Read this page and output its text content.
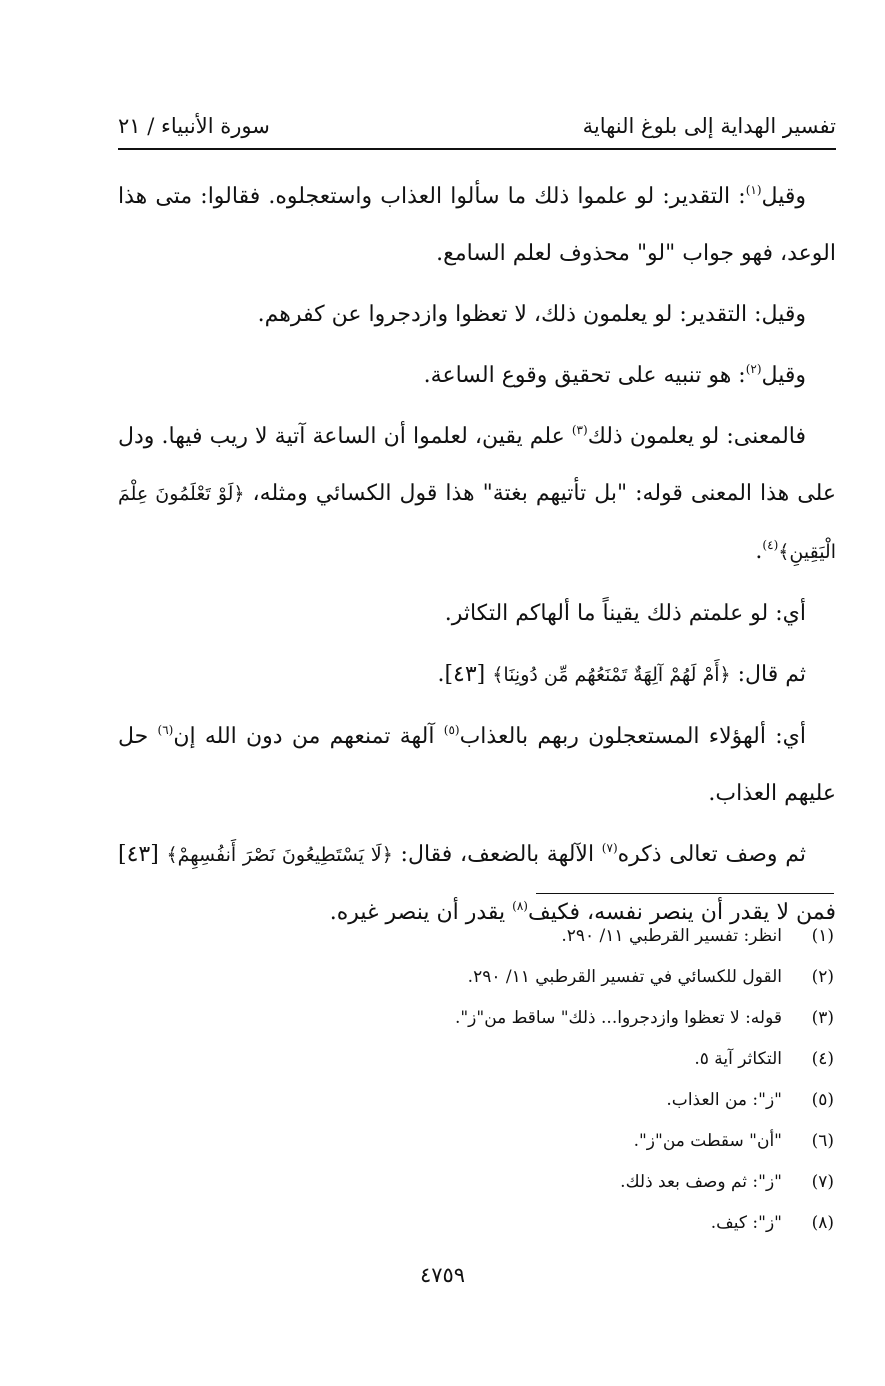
تفسير الهداية إلى بلوغ النهاية
سورة الأنبياء / ٢١

وقيل$^{(١)}$: التقدير: لو علموا ذلك ما سألوا العذاب واستعجلوه. فقالوا: متى هذا الوعد، فهو جواب "لو" محذوف لعلم السامع.

وقيل: التقدير: لو يعلمون ذلك، لا تعظوا وازدجروا عن كفرهم.

وقيل$^{(٢)}$: هو تنبيه على تحقيق وقوع الساعة.

فالمعنى: لو يعلمون ذلك$^{(٣)}$ علم يقين، لعلموا أن الساعة آتية لا ريب فيها. ودل على هذا المعنى قوله: "بل تأتيهم بغتة" هذا قول الكسائي ومثله، ﴿لَوْ تَعْلَمُونَ عِلْمَ الْيَقِينِ﴾$^{(٤)}$.

أي: لو علمتم ذلك يقيناً ما ألهاكم التكاثر.

ثم قال: ﴿أَمْ لَهُمْ آلِهَةٌ تَمْنَعُهُم مِّن دُونِنَا﴾ [٤٣].

أي: ألهؤلاء المستعجلون ربهم بالعذاب$^{(٥)}$ آلهة تمنعهم من دون الله إن$^{(٦)}$ حل عليهم العذاب.

ثم وصف تعالى ذكره$^{(٧)}$ الآلهة بالضعف، فقال: ﴿لَا يَسْتَطِيعُونَ نَصْرَ أَنفُسِهِمْ﴾ [٤٣] فمن لا يقدر أن ينصر نفسه، فكيف$^{(٨)}$ يقدر أن ينصر غيره.

(١)انظر: تفسير القرطبي ١١/ ٢٩٠.
(٢)القول للكسائي في تفسير القرطبي ١١/ ٢٩٠.
(٣)قوله: لا تعظوا وازدجروا... ذلك" ساقط من"ز".
(٤)التكاثر آية ٥.
(٥)"ز": من العذاب.
(٦)"أن" سقطت من"ز".
(٧)"ز": ثم وصف بعد ذلك.
(٨)"ز": كيف.
٤٧٥٩
